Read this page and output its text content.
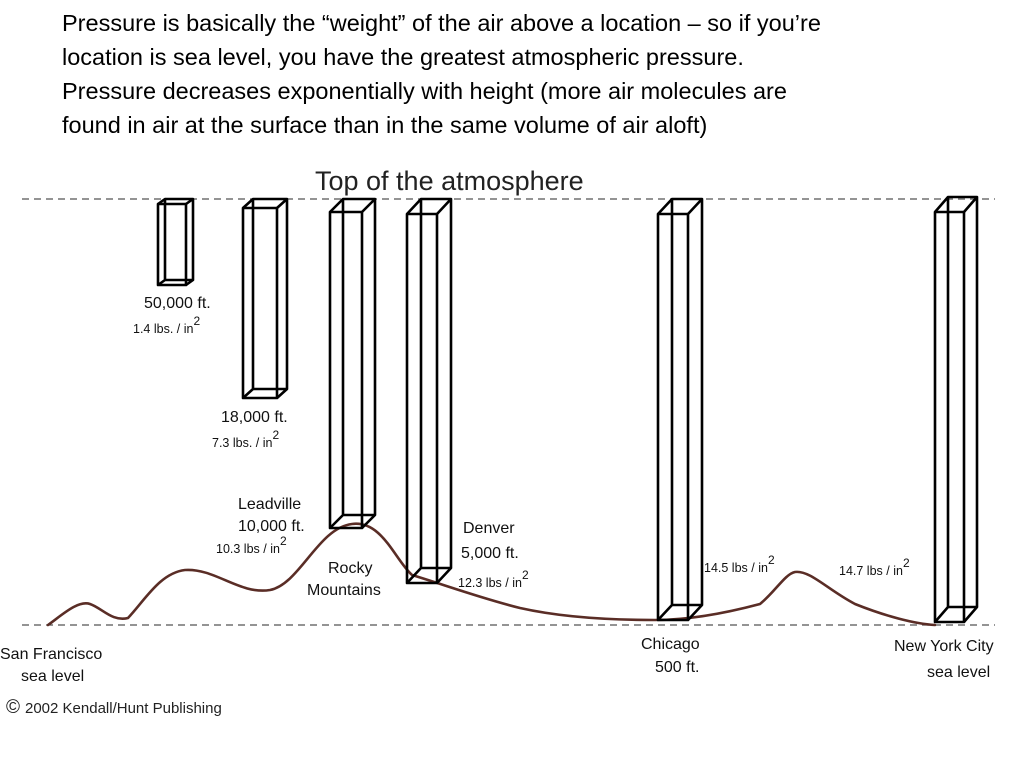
Pressure is basically the “weight” of the air above a location – so if you’re
location is sea level, you have the greatest atmospheric pressure.
Pressure decreases exponentially with height (more air molecules are
found in air at the surface than in the same volume of air aloft)
Top of the atmosphere
50,000 ft.
1.4 lbs. / in2
18,000 ft.
7.3 lbs. / in2
Leadville
10,000 ft.
10.3 lbs / in2
Rocky
Mountains
Denver
5,000 ft.
12.3 lbs / in2	14.5 lbs / in2
Chicago
500 ft.
14.7 lbs / in2
New York City
sea level
San Francisco
sea level
© 2002 Kendall/Hunt Publishing
